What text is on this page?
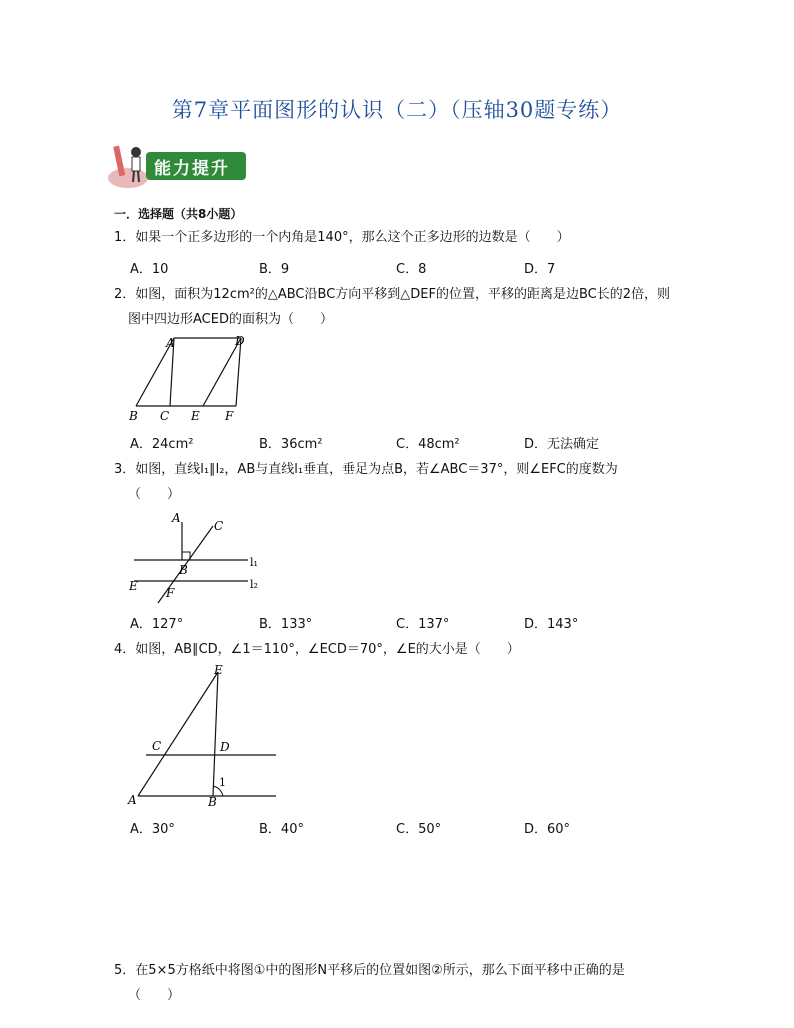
第7章平面图形的认识（二）（压轴30题专练）
能力提升
一．选择题（共8小题）
1．如果一个正多边形的一个内角是140°，那么这个正多边形的边数是（　　）
A．10	B．9	C．8	D．7
2．如图，面积为12cm²的△ABC沿BC方向平移到△DEF的位置，平移的距离是边BC长的2倍，则
图中四边形ACED的面积为（　　）
A	D
B C E F
A．24cm²	B．36cm²	C．48cm²	D．无法确定
3．如图，直线l₁∥l₂，AB与直线l₁垂直，垂足为点B，若∠ABC＝37°，则∠EFC的度数为
（　　）
A
C
B
E F
l₁
l₂
A．127°	B．133°	C．137°	D．143°
4．如图，AB∥CD，∠1＝110°，∠ECD＝70°，∠E的大小是（　　）
E
C	D
A	B
1
A．30°	B．40°	C．50°	D．60°
5．在5×5方格纸中将图①中的图形N平移后的位置如图②所示，那么下面平移中正确的是
（　　）
